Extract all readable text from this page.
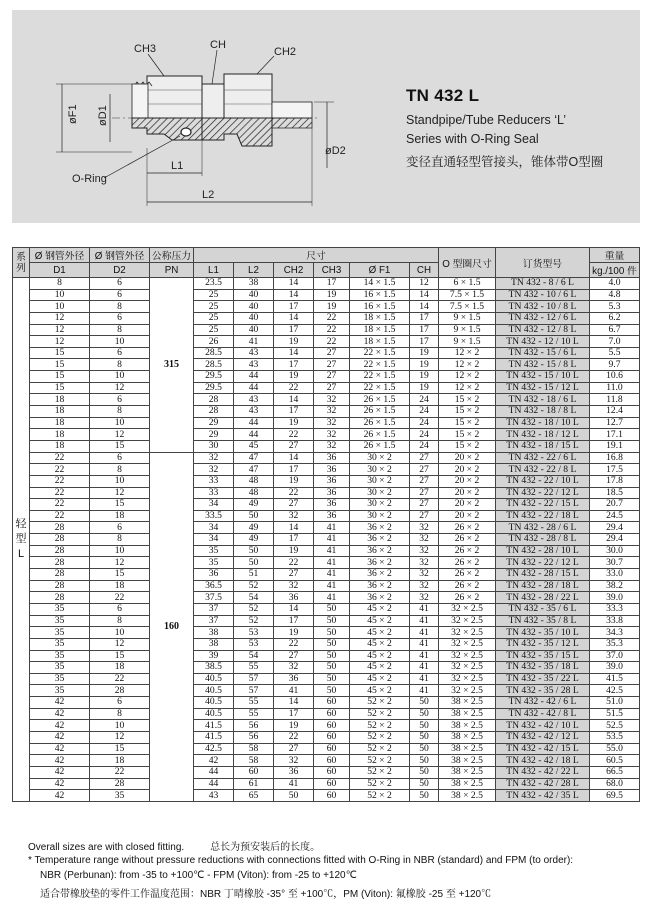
CH3	CH
CH2
øF1 øD1
øD2
L1
L2
O-Ring
TN 432 L
Standpipe/Tube Reducers ‘L’
Series with O-Ring Seal
变径直通轻型管接头，锥体带O型圈
系列	Ø 钢管外径	Ø 钢管外径	公称压力	尺寸						O 型圈尺寸	订货型号	重量
	D1	D2	PN	L1	L2	CH2	CH3	Ø F1	CH			kg./100 件
轻
型
L	8	6	315	23.5	38	14	17	14 × 1.5	12	6 × 1.5	TN 432 - 8 / 6 L	4.0
	10	6		25	40	14	19	16 × 1.5	14	7.5 × 1.5	TN 432 - 10 / 6 L	4.8
	10	8		25	40	17	19	16 × 1.5	14	7.5 × 1.5	TN 432 - 10 / 8 L	5.3
	12	6		25	40	14	22	18 × 1.5	17	9 × 1.5	TN 432 - 12 / 6 L	6.2
	12	8		25	40	17	22	18 × 1.5	17	9 × 1.5	TN 432 - 12 / 8 L	6.7
	12	10		26	41	19	22	18 × 1.5	17	9 × 1.5	TN 432 - 12 / 10 L	7.0
	15	6		28.5	43	14	27	22 × 1.5	19	12 × 2	TN 432 - 15 / 6 L	5.5
	15	8		28.5	43	17	27	22 × 1.5	19	12 × 2	TN 432 - 15 / 8 L	9.7
	15	10		29.5	44	19	27	22 × 1.5	19	12 × 2	TN 432 - 15 / 10 L	10.6
	15	12		29.5	44	22	27	22 × 1.5	19	12 × 2	TN 432 - 15 / 12 L	11.0
	18	6		28	43	14	32	26 × 1.5	24	15 × 2	TN 432 - 18 / 6 L	11.8
	18	8		28	43	17	32	26 × 1.5	24	15 × 2	TN 432 - 18 / 8 L	12.4
	18	10		29	44	19	32	26 × 1.5	24	15 × 2	TN 432 - 18 / 10 L	12.7
	18	12		29	44	22	32	26 × 1.5	24	15 × 2	TN 432 - 18 / 12 L	17.1
	18	15		30	45	27	32	26 × 1.5	24	15 × 2	TN 432 - 18 / 15 L	19.1
	22	6	160	32	47	14	36	30 × 2	27	20 × 2	TN 432 - 22 / 6 L	16.8
	22	8		32	47	17	36	30 × 2	27	20 × 2	TN 432 - 22 / 8 L	17.5
	22	10		33	48	19	36	30 × 2	27	20 × 2	TN 432 - 22 / 10 L	17.8
	22	12		33	48	22	36	30 × 2	27	20 × 2	TN 432 - 22 / 12 L	18.5
	22	15		34	49	27	36	30 × 2	27	20 × 2	TN 432 - 22 / 15 L	20.7
	22	18		33.5	50	32	36	30 × 2	27	20 × 2	TN 432 - 22 / 18 L	24.5
	28	6		34	49	14	41	36 × 2	32	26 × 2	TN 432 - 28 / 6 L	29.4
	28	8		34	49	17	41	36 × 2	32	26 × 2	TN 432 - 28 / 8 L	29.4
	28	10		35	50	19	41	36 × 2	32	26 × 2	TN 432 - 28 / 10 L	30.0
	28	12		35	50	22	41	36 × 2	32	26 × 2	TN 432 - 22 / 12 L	30.7
	28	15		36	51	27	41	36 × 2	32	26 × 2	TN 432 - 28 / 15 L	33.0
	28	18		36.5	52	32	41	36 × 2	32	26 × 2	TN 432 - 28 / 18 L	38.2
	28	22		37.5	54	36	41	36 × 2	32	26 × 2	TN 432 - 28 / 22 L	39.0
	35	6		37	52	14	50	45 × 2	41	32 × 2.5	TN 432 - 35 / 6 L	33.3
	35	8		37	52	17	50	45 × 2	41	32 × 2.5	TN 432 - 35 / 8 L	33.8
	35	10		38	53	19	50	45 × 2	41	32 × 2.5	TN 432 - 35 / 10 L	34.3
	35	12		38	53	22	50	45 × 2	41	32 × 2.5	TN 432 - 35 / 12 L	35.3
	35	15		39	54	27	50	45 × 2	41	32 × 2.5	TN 432 - 35 / 15 L	37.0
	35	18		38.5	55	32	50	45 × 2	41	32 × 2.5	TN 432 - 35 / 18 L	39.0
	35	22		40.5	57	36	50	45 × 2	41	32 × 2.5	TN 432 - 35 / 22 L	41.5
	35	28		40.5	57	41	50	45 × 2	41	32 × 2.5	TN 432 - 35 / 28 L	42.5
	42	6		40.5	55	14	60	52 × 2	50	38 × 2.5	TN 432 - 42 / 6 L	51.0
	42	8		40.5	55	17	60	52 × 2	50	38 × 2.5	TN 432 - 42 / 8 L	51.5
	42	10		41.5	56	19	60	52 × 2	50	38 × 2.5	TN 432 - 42 / 10 L	52.5
	42	12		41.5	56	22	60	52 × 2	50	38 × 2.5	TN 432 - 42 / 12 L	53.5
	42	15		42.5	58	27	60	52 × 2	50	38 × 2.5	TN 432 - 42 / 15 L	55.0
	42	18		42	58	32	60	52 × 2	50	38 × 2.5	TN 432 - 42 / 18 L	60.5
	42	22		44	60	36	60	52 × 2	50	38 × 2.5	TN 432 - 42 / 22 L	66.5
	42	28		44	61	41	60	52 × 2	50	38 × 2.5	TN 432 - 42 / 28 L	68.0
	42	35		43	65	50	60	52 × 2	50	38 × 2.5	TN 432 - 42 / 35 L	69.5
Overall sizes are with closed fitting.	总长为预安装后的长度。
* Temperature range without pressure reductions with connections fitted with O-Ring in NBR (standard) and FPM (to order):
NBR (Perbunan): from -35 to +100℃ - FPM (Viton): from -25 to +120℃
适合带橡胶垫的零件工作温度范围：NBR 丁晴橡胶 -35° 至 +100℃，PM (Viton): 氟橡胶 -25 至 +120℃
